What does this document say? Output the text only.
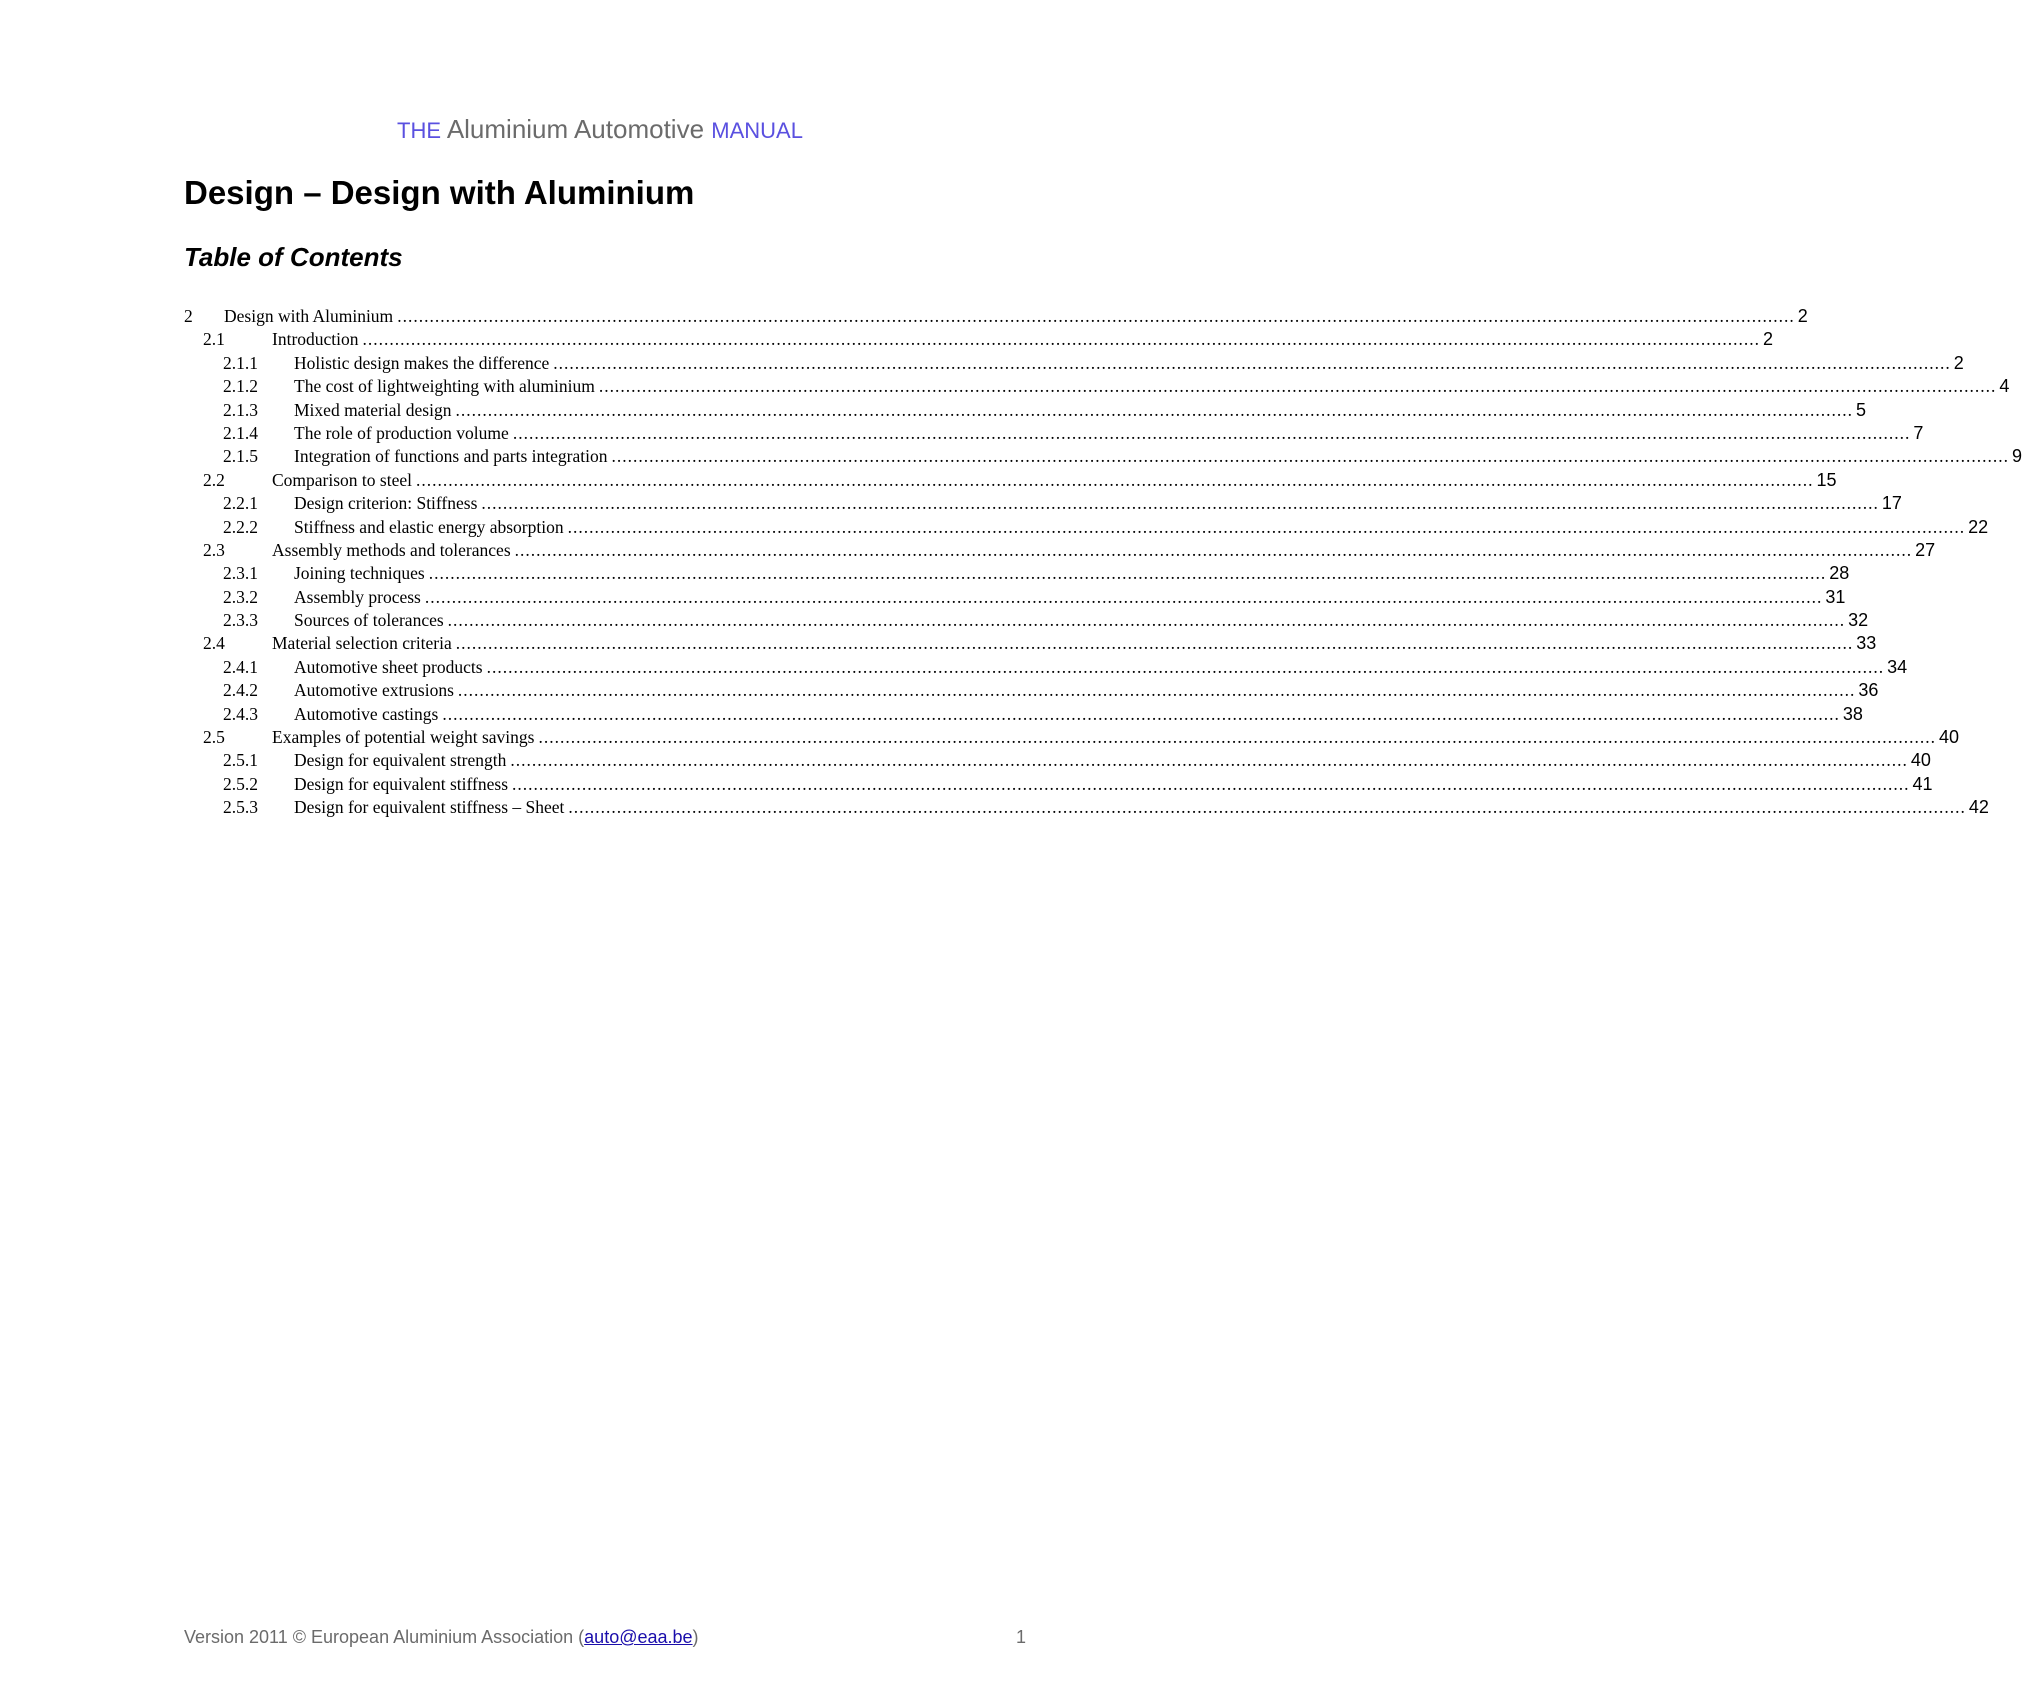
THE Aluminium Automotive MANUAL
Design – Design with Aluminium
Table of Contents
2 Design with Aluminium .................................................................................................................................................................................................................................................................... 2
2.1	Introduction .................................................................................................................................................................................................................................................................... 2
2.1.1 Holistic design makes the difference .................................................................................................................................................................................................................................................................... 2
2.1.2 The cost of lightweighting with aluminium .................................................................................................................................................................................................................................................................... 4
2.1.3 Mixed material design .................................................................................................................................................................................................................................................................... 5
2.1.4 The role of production volume .................................................................................................................................................................................................................................................................... 7
2.1.5 Integration of functions and parts integration .................................................................................................................................................................................................................................................................... 9
2.2	Comparison to steel .................................................................................................................................................................................................................................................................... 15
2.2.1 Design criterion: Stiffness .................................................................................................................................................................................................................................................................... 17
2.2.2 Stiffness and elastic energy absorption .................................................................................................................................................................................................................................................................... 22
2.3	Assembly methods and tolerances .................................................................................................................................................................................................................................................................... 27
2.3.1 Joining techniques .................................................................................................................................................................................................................................................................... 28
2.3.2 Assembly process .................................................................................................................................................................................................................................................................... 31
2.3.3 Sources of tolerances .................................................................................................................................................................................................................................................................... 32
2.4	Material selection criteria .................................................................................................................................................................................................................................................................... 33
2.4.1 Automotive sheet products .................................................................................................................................................................................................................................................................... 34
2.4.2 Automotive extrusions .................................................................................................................................................................................................................................................................... 36
2.4.3 Automotive castings .................................................................................................................................................................................................................................................................... 38
2.5	Examples of potential weight savings .................................................................................................................................................................................................................................................................... 40
2.5.1 Design for equivalent strength .................................................................................................................................................................................................................................................................... 40
2.5.2 Design for equivalent stiffness .................................................................................................................................................................................................................................................................... 41
2.5.3 Design for equivalent stiffness – Sheet .................................................................................................................................................................................................................................................................... 42
Version 2011 © European Aluminium Association (auto@eaa.be)	1
